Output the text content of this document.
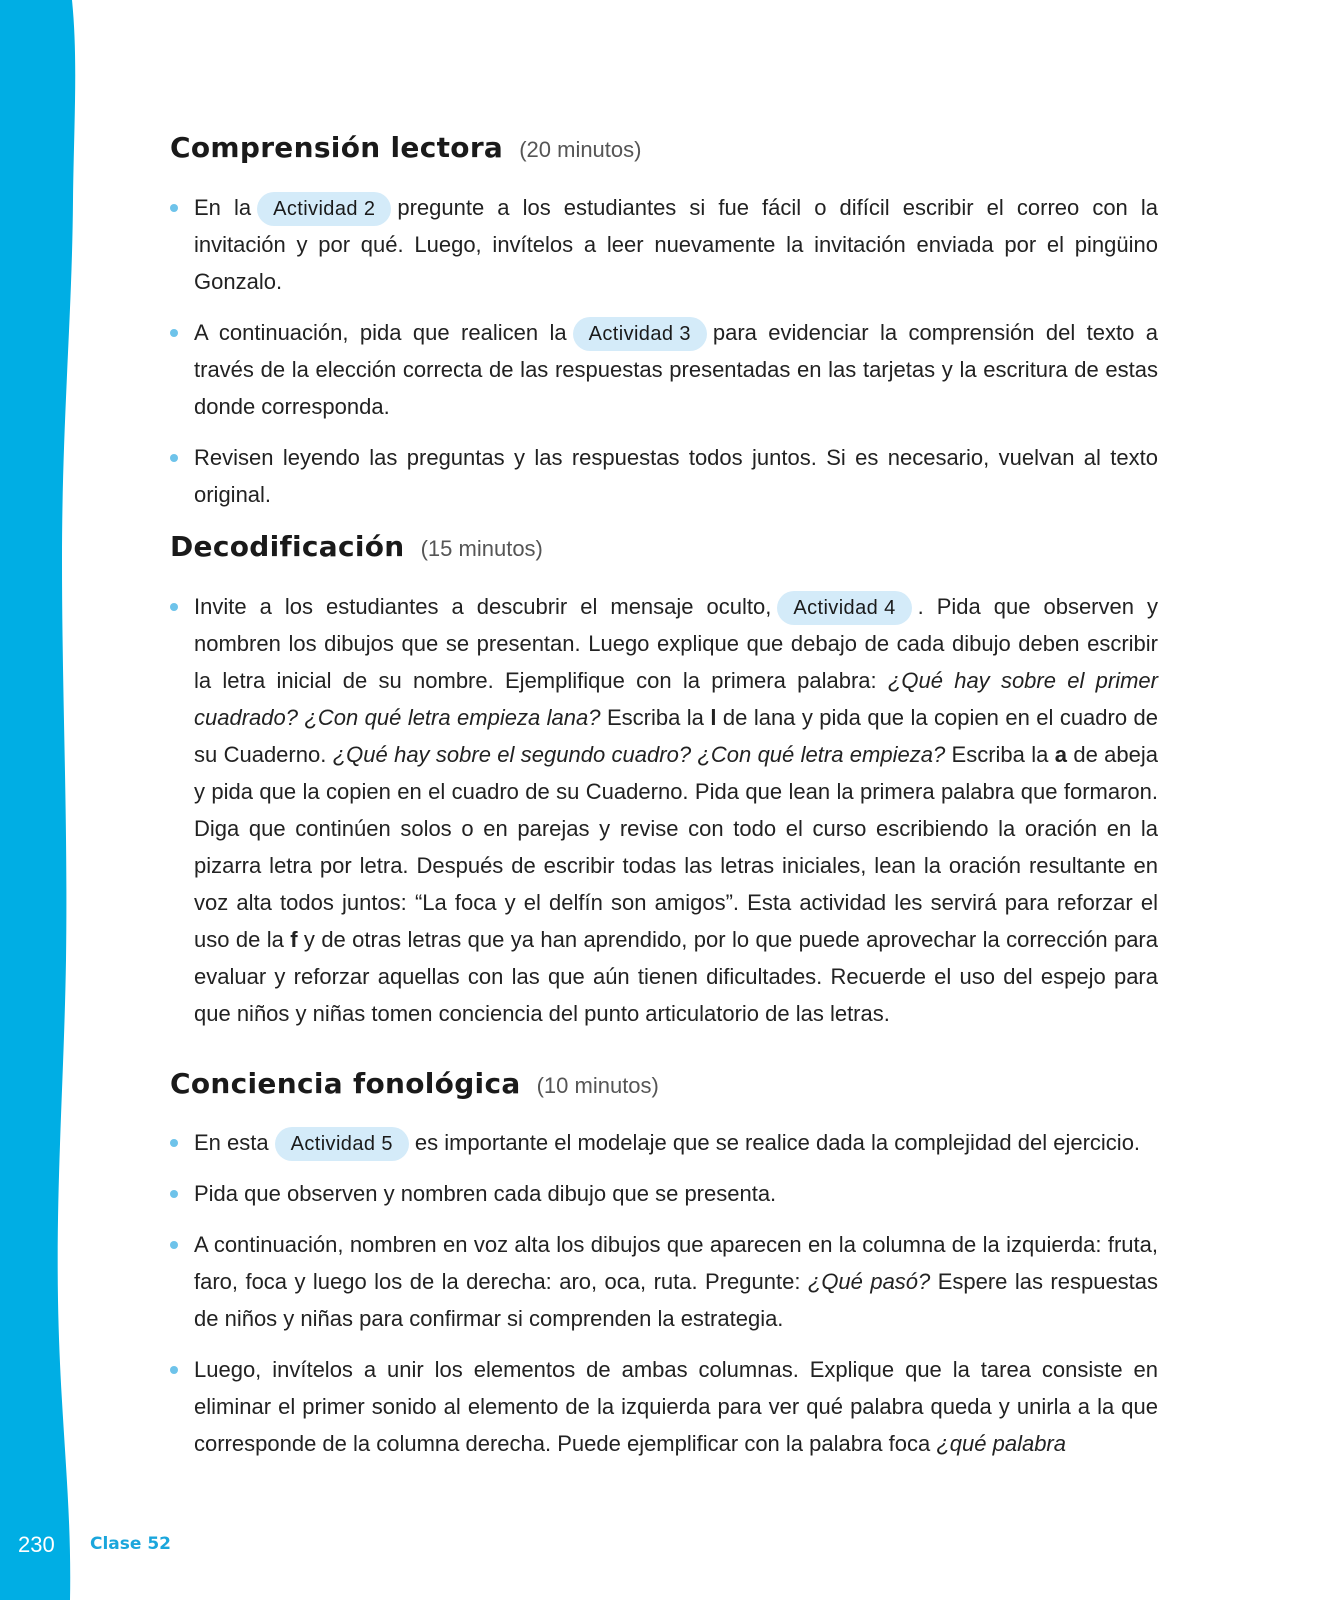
Comprensión lectora (20 minutos)
En la Actividad 2 pregunte a los estudiantes si fue fácil o difícil escribir el correo con la invitación y por qué. Luego, invítelos a leer nuevamente la invitación enviada por el pingüino Gonzalo.
A continuación, pida que realicen la Actividad 3 para evidenciar la comprensión del texto a través de la elección correcta de las respuestas presentadas en las tarjetas y la escritura de estas donde corresponda.
Revisen leyendo las preguntas y las respuestas todos juntos. Si es necesario, vuelvan al texto original.
Decodificación (15 minutos)
Invite a los estudiantes a descubrir el mensaje oculto, Actividad 4 . Pida que observen y nombren los dibujos que se presentan. Luego explique que debajo de cada dibujo deben escribir la letra inicial de su nombre. Ejemplifique con la primera palabra: ¿Qué hay sobre el primer cuadrado? ¿Con qué letra empieza lana? Escriba la l de lana y pida que la copien en el cuadro de su Cuaderno. ¿Qué hay sobre el segundo cuadro? ¿Con qué letra empieza? Escriba la a de abeja y pida que la copien en el cuadro de su Cuaderno. Pida que lean la primera palabra que formaron. Diga que continúen solos o en parejas y revise con todo el curso escribiendo la oración en la pizarra letra por letra. Después de escribir todas las letras iniciales, lean la oración resultante en voz alta todos juntos: “La foca y el delfín son amigos”. Esta actividad les servirá para reforzar el uso de la f y de otras letras que ya han aprendido, por lo que puede aprovechar la corrección para evaluar y reforzar aquellas con las que aún tienen dificultades. Recuerde el uso del espejo para que niños y niñas tomen conciencia del punto articulatorio de las letras.
Conciencia fonológica (10 minutos)
En esta Actividad 5 es importante el modelaje que se realice dada la complejidad del ejercicio.
Pida que observen y nombren cada dibujo que se presenta.
A continuación, nombren en voz alta los dibujos que aparecen en la columna de la izquierda: fruta, faro, foca y luego los de la derecha: aro, oca, ruta. Pregunte: ¿Qué pasó? Espere las respuestas de niños y niñas para confirmar si comprenden la estrategia.
Luego, invítelos a unir los elementos de ambas columnas. Explique que la tarea consiste en eliminar el primer sonido al elemento de la izquierda para ver qué palabra queda y unirla a la que corresponde de la columna derecha. Puede ejemplificar con la palabra foca ¿qué palabra
230 Clase 52
